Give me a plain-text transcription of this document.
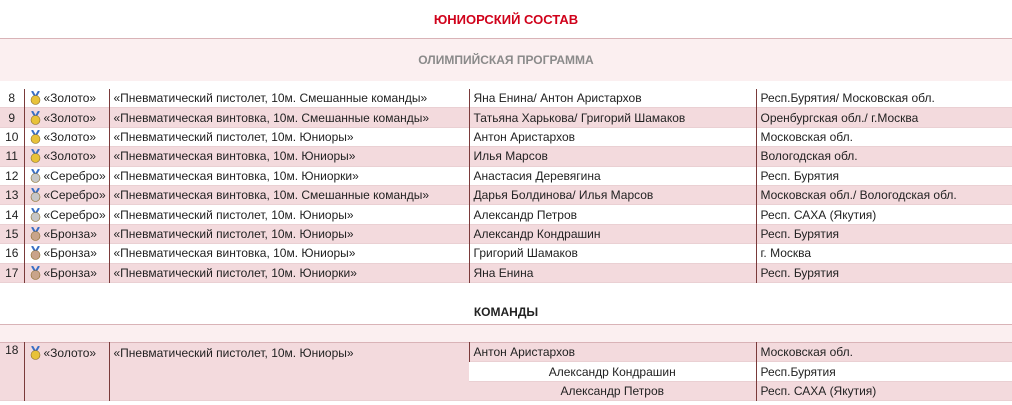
ЮНИОРСКИЙ СОСТАВ
ОЛИМПИЙСКАЯ ПРОГРАММА
8	«Золото»	«Пневматический пистолет, 10м. Смешанные команды»	Яна Енина/ Антон Аристархов	Респ.Бурятия/ Московская обл.
9	«Золото»	«Пневматическая винтовка, 10м. Смешанные команды»	Татьяна Харькова/ Григорий Шамаков	Оренбургская обл./ г.Москва
10	«Золото»	«Пневматический пистолет, 10м. Юниоры»	Антон Аристархов	Московская обл.
11	«Золото»	«Пневматическая винтовка, 10м. Юниоры»	Илья Марсов	Вологодская обл.
12	«Серебро»	«Пневматическая винтовка, 10м. Юниорки»	Анастасия Деревягина	Респ. Бурятия
13	«Серебро»	«Пневматическая винтовка, 10м. Смешанные команды»	Дарья Болдинова/ Илья Марсов	Московская обл./ Вологодская обл.
14	«Серебро»	«Пневматический пистолет, 10м. Юниоры»	Александр Петров	Респ. САХА (Якутия)
15	«Бронза»	«Пневматический пистолет, 10м. Юниоры»	Александр Кондрашин	Респ. Бурятия
16	«Бронза»	«Пневматическая винтовка, 10м. Юниоры»	Григорий Шамаков	г. Москва
17	«Бронза»	«Пневматический пистолет, 10м. Юниорки»	Яна Енина	Респ. Бурятия
КОМАНДЫ
18	«Золото»	«Пневматический пистолет, 10м. Юниоры»	Антон Аристархов	Московская обл.
			Александр Кондрашин	Респ.Бурятия
			Александр Петров	Респ. САХА (Якутия)
